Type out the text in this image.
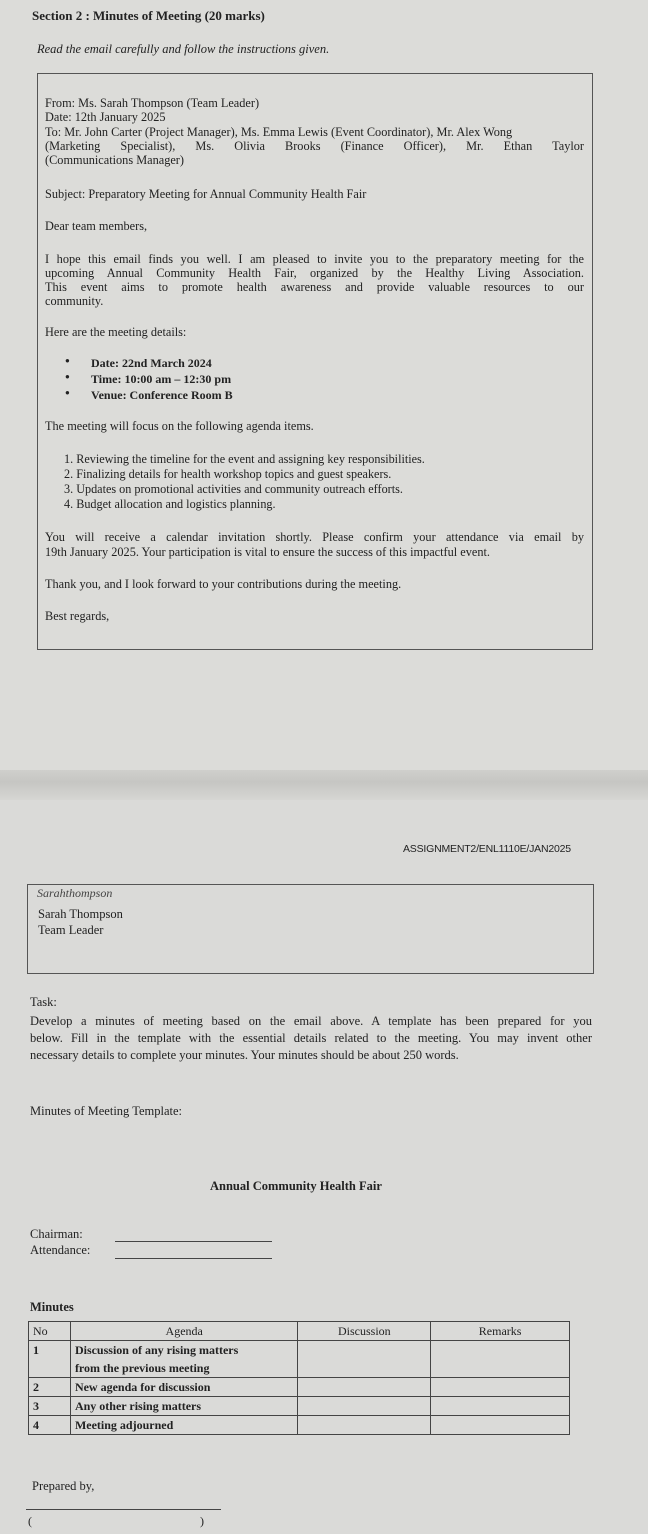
Section 2 : Minutes of Meeting (20 marks)
Read the email carefully and follow the instructions given.
From: Ms. Sarah Thompson (Team Leader)
Date: 12th January 2025
To: Mr. John Carter (Project Manager), Ms. Emma Lewis (Event Coordinator), Mr. Alex Wong
(Marketing Specialist), Ms. Olivia Brooks (Finance Officer), Mr. Ethan Taylor
(Communications Manager)
Subject: Preparatory Meeting for Annual Community Health Fair
Dear team members,
I hope this email finds you well. I am pleased to invite you to the preparatory meeting for the
upcoming Annual Community Health Fair, organized by the Healthy Living Association.
This event aims to promote health awareness and provide valuable resources to our
community.
Here are the meeting details:
● Date: 22nd March 2024
● Time: 10:00 am – 12:30 pm
● Venue: Conference Room B
The meeting will focus on the following agenda items.
1. Reviewing the timeline for the event and assigning key responsibilities.
2. Finalizing details for health workshop topics and guest speakers.
3. Updates on promotional activities and community outreach efforts.
4. Budget allocation and logistics planning.
You will receive a calendar invitation shortly. Please confirm your attendance via email by
19th January 2025. Your participation is vital to ensure the success of this impactful event.
Thank you, and I look forward to your contributions during the meeting.
Best regards,
ASSIGNMENT2/ENL1110E/JAN2025
Sarahthompson
Sarah Thompson
Team Leader
Task:
Develop a minutes of meeting based on the email above. A template has been prepared for you
below. Fill in the template with the essential details related to the meeting. You may invent other
necessary details to complete your minutes. Your minutes should be about 250 words.
Minutes of Meeting Template:
Annual Community Health Fair
Chairman:
Attendance:
Minutes
No	Agenda	Discussion	Remarks
1	Discussion of any rising matters
from the previous meeting		

2	New agenda for discussion		
3	Any other rising matters		
4	Meeting adjourned		
Prepared by,
(	)
